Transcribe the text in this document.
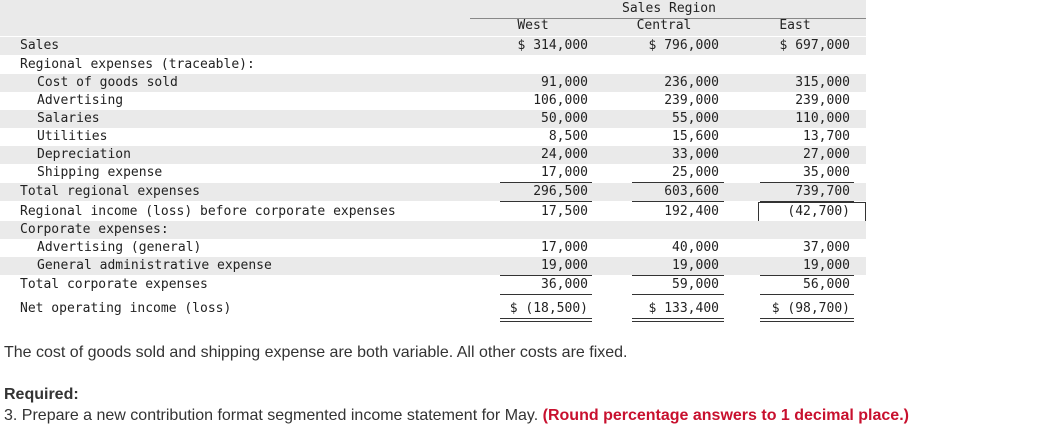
Sales Region
West	Central	East
Sales	$ 314,000	$ 796,000	$ 697,000
Regional expenses (traceable):
Cost of goods sold	91,000	236,000	315,000
Advertising	106,000	239,000	239,000
Salaries	50,000	55,000	110,000
Utilities	8,500	15,600	13,700
Depreciation	24,000	33,000	27,000
Shipping expense	17,000	25,000	35,000
Total regional expenses	296,500	603,600	739,700
Regional income (loss) before corporate expenses	17,500	192,400	(42,700)
Corporate expenses:
Advertising (general)	17,000	40,000	37,000
General administrative expense	19,000	19,000	19,000
Total corporate expenses	36,000	59,000	56,000
Net operating income (loss)	$ (18,500)	$ 133,400	$ (98,700)
The cost of goods sold and shipping expense are both variable. All other costs are fixed.
Required:
3. Prepare a new contribution format segmented income statement for May. (Round percentage answers to 1 decimal place.)
